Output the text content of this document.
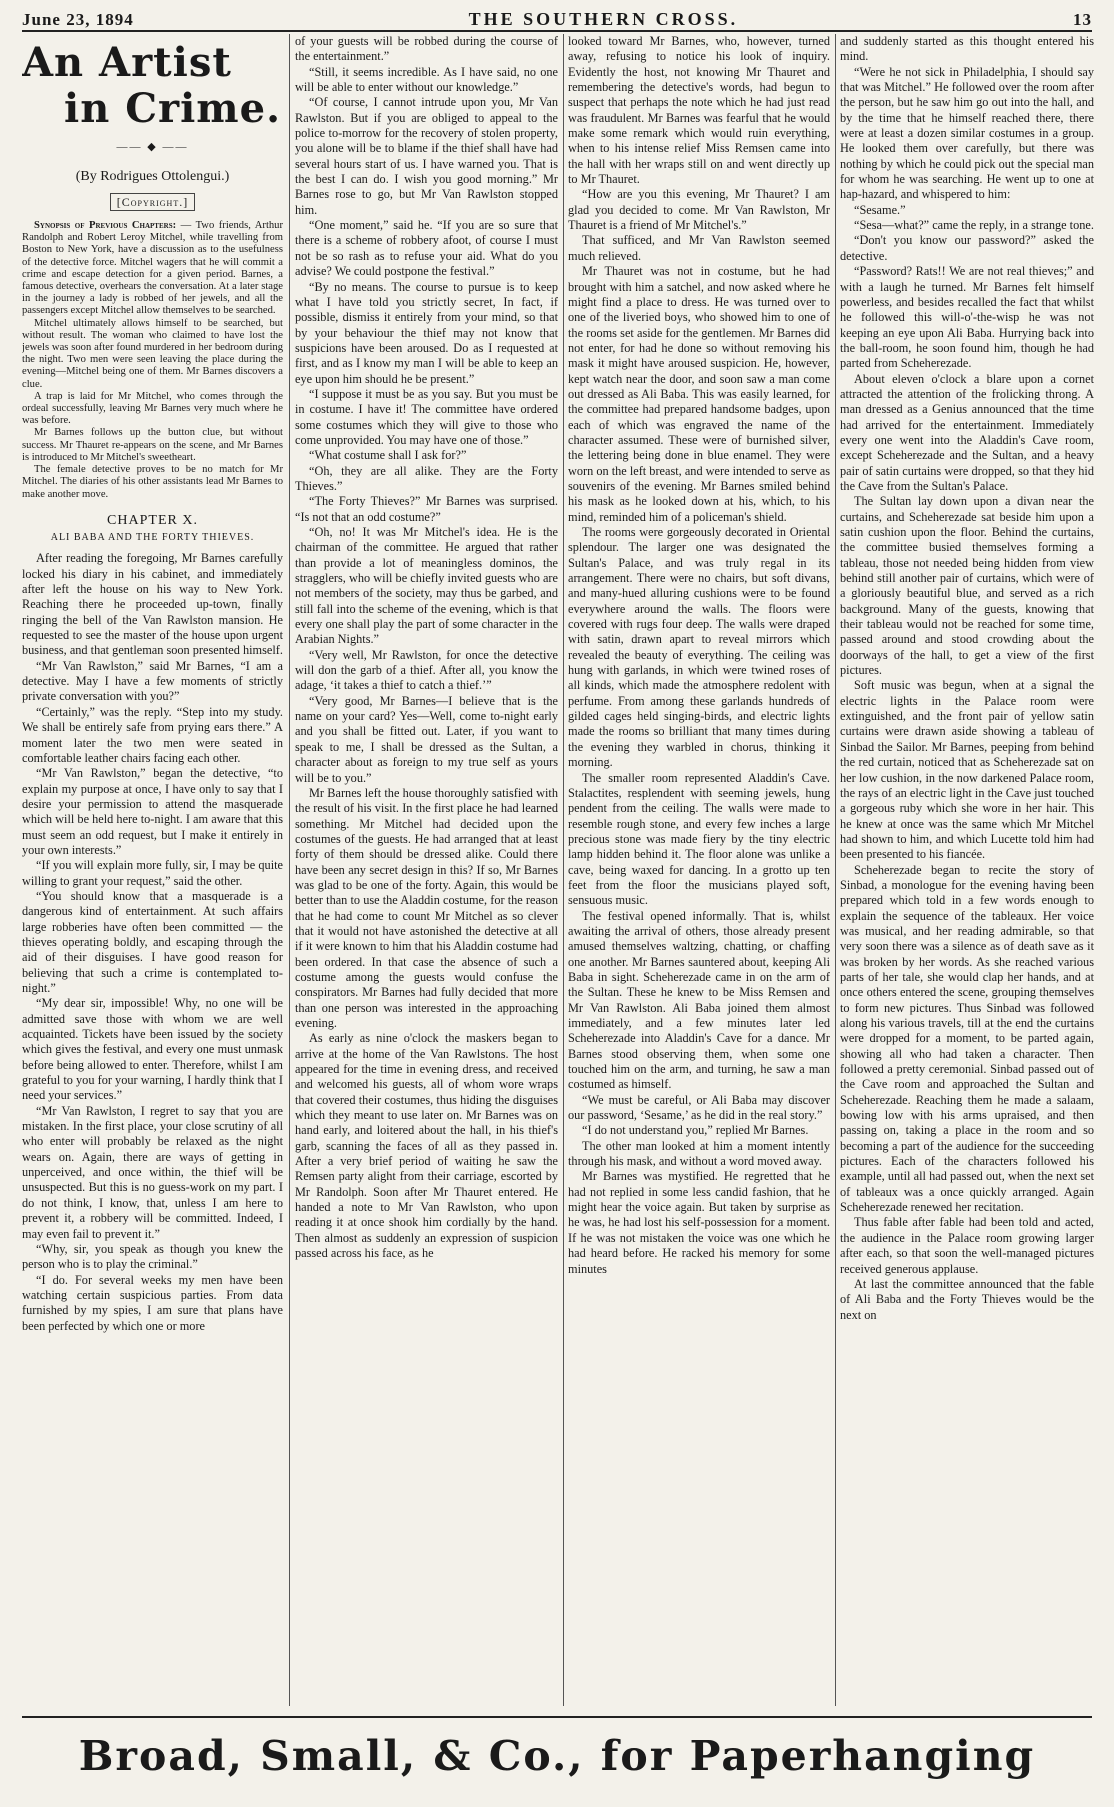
June 23, 1894	THE SOUTHERN CROSS.	13
An Artist
in Crime.
—— ◆ ——
(By Rodrigues Ottolengui.)
[Copyright.]

Synopsis of Previous Chapters: — Two friends, Arthur Randolph and Robert Leroy Mitchel, while travelling from Boston to New York, have a discussion as to the usefulness of the detective force. Mitchel wagers that he will commit a crime and escape detection for a given period. Barnes, a famous detective, overhears the conversation. At a later stage in the journey a lady is robbed of her jewels, and all the passengers except Mitchel allow themselves to be searched.

Mitchel ultimately allows himself to be searched, but without result. The woman who claimed to have lost the jewels was soon after found murdered in her bedroom during the night. Two men were seen leaving the place during the evening—Mitchel being one of them. Mr Barnes discovers a clue.

A trap is laid for Mr Mitchel, who comes through the ordeal successfully, leaving Mr Barnes very much where he was before.

Mr Barnes follows up the button clue, but without success. Mr Thauret re-appears on the scene, and Mr Barnes is introduced to Mr Mitchel's sweetheart.

The female detective proves to be no match for Mr Mitchel. The diaries of his other assistants lead Mr Barnes to make another move.

CHAPTER X.
ALI BABA AND THE FORTY THIEVES.

After reading the foregoing, Mr Barnes carefully locked his diary in his cabinet, and immediately after left the house on his way to New York. Reaching there he proceeded up-town, finally ringing the bell of the Van Rawlston mansion. He requested to see the master of the house upon urgent business, and that gentleman soon presented himself.

“Mr Van Rawlston,” said Mr Barnes, “I am a detective. May I have a few moments of strictly private conversation with you?”

“Certainly,” was the reply. “Step into my study. We shall be entirely safe from prying ears there.” A moment later the two men were seated in comfortable leather chairs facing each other.

“Mr Van Rawlston,” began the detective, “to explain my purpose at once, I have only to say that I desire your permission to attend the masquerade which will be held here to-night. I am aware that this must seem an odd request, but I make it entirely in your own interests.”

“If you will explain more fully, sir, I may be quite willing to grant your request,” said the other.

“You should know that a masquerade is a dangerous kind of entertainment. At such affairs large robberies have often been committed — the thieves operating boldly, and escaping through the aid of their disguises. I have good reason for believing that such a crime is contemplated to-night.”

“My dear sir, impossible! Why, no one will be admitted save those with whom we are well acquainted. Tickets have been issued by the society which gives the festival, and every one must unmask before being allowed to enter. Therefore, whilst I am grateful to you for your warning, I hardly think that I need your services.”

“Mr Van Rawlston, I regret to say that you are mistaken. In the first place, your close scrutiny of all who enter will probably be relaxed as the night wears on. Again, there are ways of getting in unperceived, and once within, the thief will be unsuspected. But this is no guess-work on my part. I do not think, I know, that, unless I am here to prevent it, a robbery will be committed. Indeed, I may even fail to prevent it.”

“Why, sir, you speak as though you knew the person who is to play the criminal.”

“I do. For several weeks my men have been watching certain suspicious parties. From data furnished by my spies, I am sure that plans have been perfected by which one or more

of your guests will be robbed during the course of the entertainment.”

“Still, it seems incredible. As I have said, no one will be able to enter without our knowledge.”

“Of course, I cannot intrude upon you, Mr Van Rawlston. But if you are obliged to appeal to the police to-morrow for the recovery of stolen property, you alone will be to blame if the thief shall have had several hours start of us. I have warned you. That is the best I can do. I wish you good morning.” Mr Barnes rose to go, but Mr Van Rawlston stopped him.

“One moment,” said he. “If you are so sure that there is a scheme of robbery afoot, of course I must not be so rash as to refuse your aid. What do you advise? We could postpone the festival.”

“By no means. The course to pursue is to keep what I have told you strictly secret, In fact, if possible, dismiss it entirely from your mind, so that by your behaviour the thief may not know that suspicions have been aroused. Do as I requested at first, and as I know my man I will be able to keep an eye upon him should he be present.”

“I suppose it must be as you say. But you must be in costume. I have it! The committee have ordered some costumes which they will give to those who come unprovided. You may have one of those.”

“What costume shall I ask for?”

“Oh, they are all alike. They are the Forty Thieves.”

“The Forty Thieves?” Mr Barnes was surprised. “Is not that an odd costume?”

“Oh, no! It was Mr Mitchel's idea. He is the chairman of the committee. He argued that rather than provide a lot of meaningless dominos, the stragglers, who will be chiefly invited guests who are not members of the society, may thus be garbed, and still fall into the scheme of the evening, which is that every one shall play the part of some character in the Arabian Nights.”

“Very well, Mr Rawlston, for once the detective will don the garb of a thief. After all, you know the adage, ‘it takes a thief to catch a thief.’”

“Very good, Mr Barnes—I believe that is the name on your card? Yes—Well, come to-night early and you shall be fitted out. Later, if you want to speak to me, I shall be dressed as the Sultan, a character about as foreign to my true self as yours will be to you.”

Mr Barnes left the house thoroughly satisfied with the result of his visit. In the first place he had learned something. Mr Mitchel had decided upon the costumes of the guests. He had arranged that at least forty of them should be dressed alike. Could there have been any secret design in this? If so, Mr Barnes was glad to be one of the forty. Again, this would be better than to use the Aladdin costume, for the reason that he had come to count Mr Mitchel as so clever that it would not have astonished the detective at all if it were known to him that his Aladdin costume had been ordered. In that case the absence of such a costume among the guests would confuse the conspirators. Mr Barnes had fully decided that more than one person was interested in the approaching evening.

As early as nine o'clock the maskers began to arrive at the home of the Van Rawlstons. The host appeared for the time in evening dress, and received and welcomed his guests, all of whom wore wraps that covered their costumes, thus hiding the disguises which they meant to use later on. Mr Barnes was on hand early, and loitered about the hall, in his thief's garb, scanning the faces of all as they passed in. After a very brief period of waiting he saw the Remsen party alight from their carriage, escorted by Mr Randolph. Soon after Mr Thauret entered. He handed a note to Mr Van Rawlston, who upon reading it at once shook him cordially by the hand. Then almost as suddenly an expression of suspicion passed across his face, as he

looked toward Mr Barnes, who, however, turned away, refusing to notice his look of inquiry. Evidently the host, not knowing Mr Thauret and remembering the detective's words, had begun to suspect that perhaps the note which he had just read was fraudulent. Mr Barnes was fearful that he would make some remark which would ruin everything, when to his intense relief Miss Remsen came into the hall with her wraps still on and went directly up to Mr Thauret.

“How are you this evening, Mr Thauret? I am glad you decided to come. Mr Van Rawlston, Mr Thauret is a friend of Mr Mitchel's.”

That sufficed, and Mr Van Rawlston seemed much relieved.

Mr Thauret was not in costume, but he had brought with him a satchel, and now asked where he might find a place to dress. He was turned over to one of the liveried boys, who showed him to one of the rooms set aside for the gentlemen. Mr Barnes did not enter, for had he done so without removing his mask it might have aroused suspicion. He, however, kept watch near the door, and soon saw a man come out dressed as Ali Baba. This was easily learned, for the committee had prepared handsome badges, upon each of which was engraved the name of the character assumed. These were of burnished silver, the lettering being done in blue enamel. They were worn on the left breast, and were intended to serve as souvenirs of the evening. Mr Barnes smiled behind his mask as he looked down at his, which, to his mind, reminded him of a policeman's shield.

The rooms were gorgeously decorated in Oriental splendour. The larger one was designated the Sultan's Palace, and was truly regal in its arrangement. There were no chairs, but soft divans, and many-hued alluring cushions were to be found everywhere around the walls. The floors were covered with rugs four deep. The walls were draped with satin, drawn apart to reveal mirrors which revealed the beauty of everything. The ceiling was hung with garlands, in which were twined roses of all kinds, which made the atmosphere redolent with perfume. From among these garlands hundreds of gilded cages held singing-birds, and electric lights made the rooms so brilliant that many times during the evening they warbled in chorus, thinking it morning.

The smaller room represented Aladdin's Cave. Stalactites, resplendent with seeming jewels, hung pendent from the ceiling. The walls were made to resemble rough stone, and every few inches a large precious stone was made fiery by the tiny electric lamp hidden behind it. The floor alone was unlike a cave, being waxed for dancing. In a grotto up ten feet from the floor the musicians played soft, sensuous music.

The festival opened informally. That is, whilst awaiting the arrival of others, those already present amused themselves waltzing, chatting, or chaffing one another. Mr Barnes sauntered about, keeping Ali Baba in sight. Scheherezade came in on the arm of the Sultan. These he knew to be Miss Remsen and Mr Van Rawlston. Ali Baba joined them almost immediately, and a few minutes later led Scheherezade into Aladdin's Cave for a dance. Mr Barnes stood observing them, when some one touched him on the arm, and turning, he saw a man costumed as himself.

“We must be careful, or Ali Baba may discover our password, ‘Sesame,’ as he did in the real story.”

“I do not understand you,” replied Mr Barnes.

The other man looked at him a moment intently through his mask, and without a word moved away.

Mr Barnes was mystified. He regretted that he had not replied in some less candid fashion, that he might hear the voice again. But taken by surprise as he was, he had lost his self-possession for a moment. If he was not mistaken the voice was one which he had heard before. He racked his memory for some minutes

and suddenly started as this thought entered his mind.

“Were he not sick in Philadelphia, I should say that was Mitchel.” He followed over the room after the person, but he saw him go out into the hall, and by the time that he himself reached there, there were at least a dozen similar costumes in a group. He looked them over carefully, but there was nothing by which he could pick out the special man for whom he was searching. He went up to one at hap-hazard, and whispered to him:

“Sesame.”

“Sesa—what?” came the reply, in a strange tone.

“Don't you know our password?” asked the detective.

“Password? Rats!! We are not real thieves;” and with a laugh he turned. Mr Barnes felt himself powerless, and besides recalled the fact that whilst he followed this will-o'-the-wisp he was not keeping an eye upon Ali Baba. Hurrying back into the ball-room, he soon found him, though he had parted from Scheherezade.

About eleven o'clock a blare upon a cornet attracted the attention of the frolicking throng. A man dressed as a Genius announced that the time had arrived for the entertainment. Immediately every one went into the Aladdin's Cave room, except Scheherezade and the Sultan, and a heavy pair of satin curtains were dropped, so that they hid the Cave from the Sultan's Palace.

The Sultan lay down upon a divan near the curtains, and Scheherezade sat beside him upon a satin cushion upon the floor. Behind the curtains, the committee busied themselves forming a tableau, those not needed being hidden from view behind still another pair of curtains, which were of a gloriously beautiful blue, and served as a rich background. Many of the guests, knowing that their tableau would not be reached for some time, passed around and stood crowding about the doorways of the hall, to get a view of the first pictures.

Soft music was begun, when at a signal the electric lights in the Palace room were extinguished, and the front pair of yellow satin curtains were drawn aside showing a tableau of Sinbad the Sailor. Mr Barnes, peeping from behind the red curtain, noticed that as Scheherezade sat on her low cushion, in the now darkened Palace room, the rays of an electric light in the Cave just touched a gorgeous ruby which she wore in her hair. This he knew at once was the same which Mr Mitchel had shown to him, and which Lucette told him had been presented to his fiancée.

Scheherezade began to recite the story of Sinbad, a monologue for the evening having been prepared which told in a few words enough to explain the sequence of the tableaux. Her voice was musical, and her reading admirable, so that very soon there was a silence as of death save as it was broken by her words. As she reached various parts of her tale, she would clap her hands, and at once others entered the scene, grouping themselves to form new pictures. Thus Sinbad was followed along his various travels, till at the end the curtains were dropped for a moment, to be parted again, showing all who had taken a character. Then followed a pretty ceremonial. Sinbad passed out of the Cave room and approached the Sultan and Scheherezade. Reaching them he made a salaam, bowing low with his arms upraised, and then passing on, taking a place in the room and so becoming a part of the audience for the succeeding pictures. Each of the characters followed his example, until all had passed out, when the next set of tableaux was a once quickly arranged. Again Scheherezade renewed her recitation.

Thus fable after fable had been told and acted, the audience in the Palace room growing larger after each, so that soon the well-managed pictures received generous applause.

At last the committee announced that the fable of Ali Baba and the Forty Thieves would be the next on

Broad, Small, & Co., for Paperhanging
